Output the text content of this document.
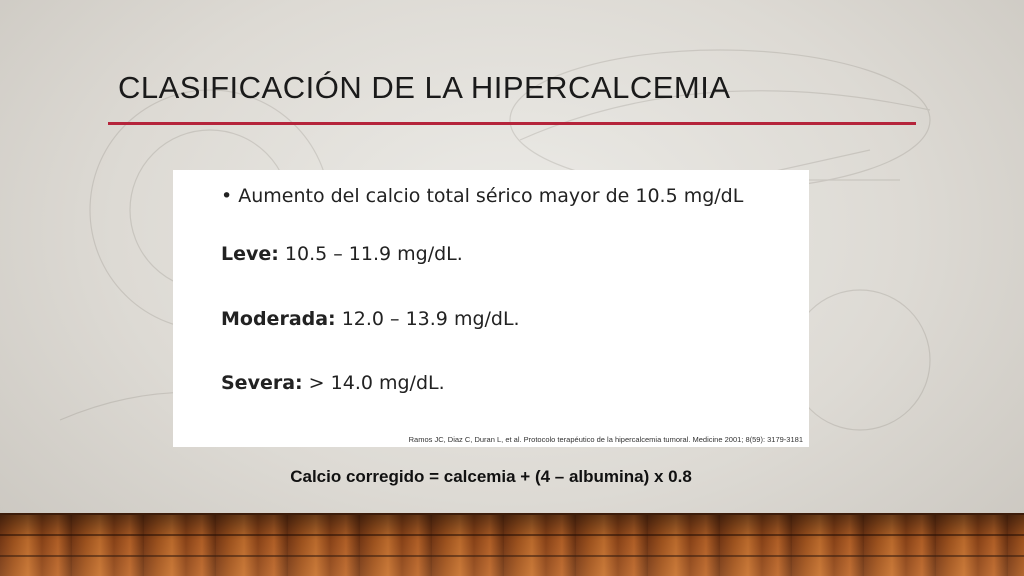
CLASIFICACIÓN DE LA HIPERCALCEMIA
• Aumento del calcio total sérico mayor de 10.5 mg/dL
Leve: 10.5 – 11.9 mg/dL.
Moderada: 12.0 – 13.9 mg/dL.
Severa: > 14.0 mg/dL.
Ramos JC, Diaz C, Duran L, et al. Protocolo terapéutico de la hipercalcemia tumoral. Medicine 2001; 8(59): 3179-3181
Calcio corregido = calcemia + (4 – albumina) x 0.8
